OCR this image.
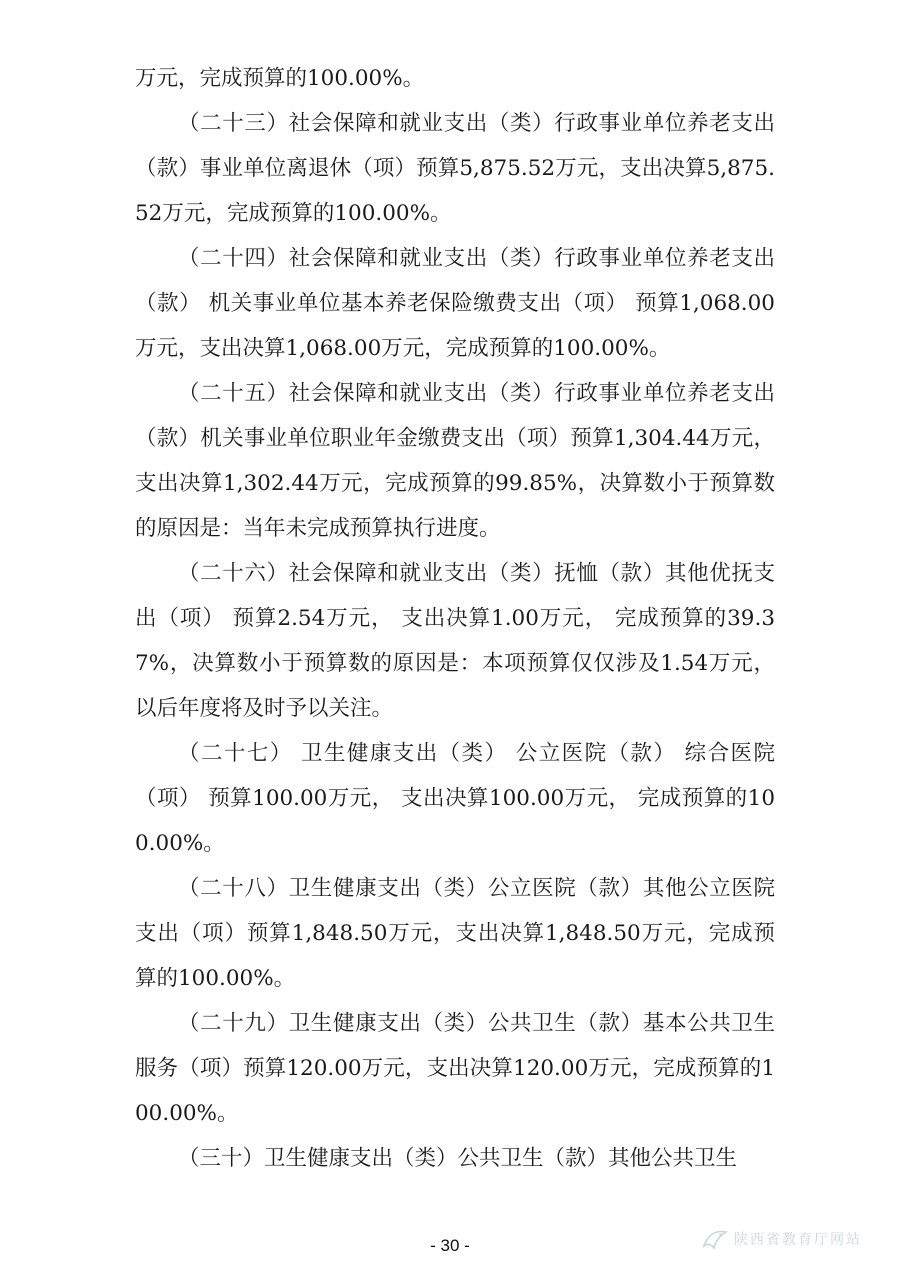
万元，完成预算的100.00%。

（二十三）社会保障和就业支出（类）行政事业单位养老支出（款）事业单位离退休（项）预算5,875.52万元，支出决算5,875.52万元，完成预算的100.00%。

（二十四）社会保障和就业支出（类）行政事业单位养老支出（款） 机关事业单位基本养老保险缴费支出（项） 预算1,068.00万元，支出决算1,068.00万元，完成预算的100.00%。

（二十五）社会保障和就业支出（类）行政事业单位养老支出（款）机关事业单位职业年金缴费支出（项）预算1,304.44万元，支出决算1,302.44万元，完成预算的99.85%，决算数小于预算数的原因是：当年未完成预算执行进度。

（二十六）社会保障和就业支出（类）抚恤（款）其他优抚支出（项） 预算2.54万元， 支出决算1.00万元， 完成预算的39.37%，决算数小于预算数的原因是：本项预算仅仅涉及1.54万元，以后年度将及时予以关注。

（二十七） 卫生健康支出（类） 公立医院（款） 综合医院（项） 预算100.00万元， 支出决算100.00万元， 完成预算的100.00%。

（二十八）卫生健康支出（类）公立医院（款）其他公立医院支出（项）预算1,848.50万元，支出决算1,848.50万元，完成预算的100.00%。

（二十九）卫生健康支出（类）公共卫生（款）基本公共卫生服务（项）预算120.00万元，支出决算120.00万元，完成预算的100.00%。

（三十）卫生健康支出（类）公共卫生（款）其他公共卫生

- 30 -	陕西省教育厅网站
